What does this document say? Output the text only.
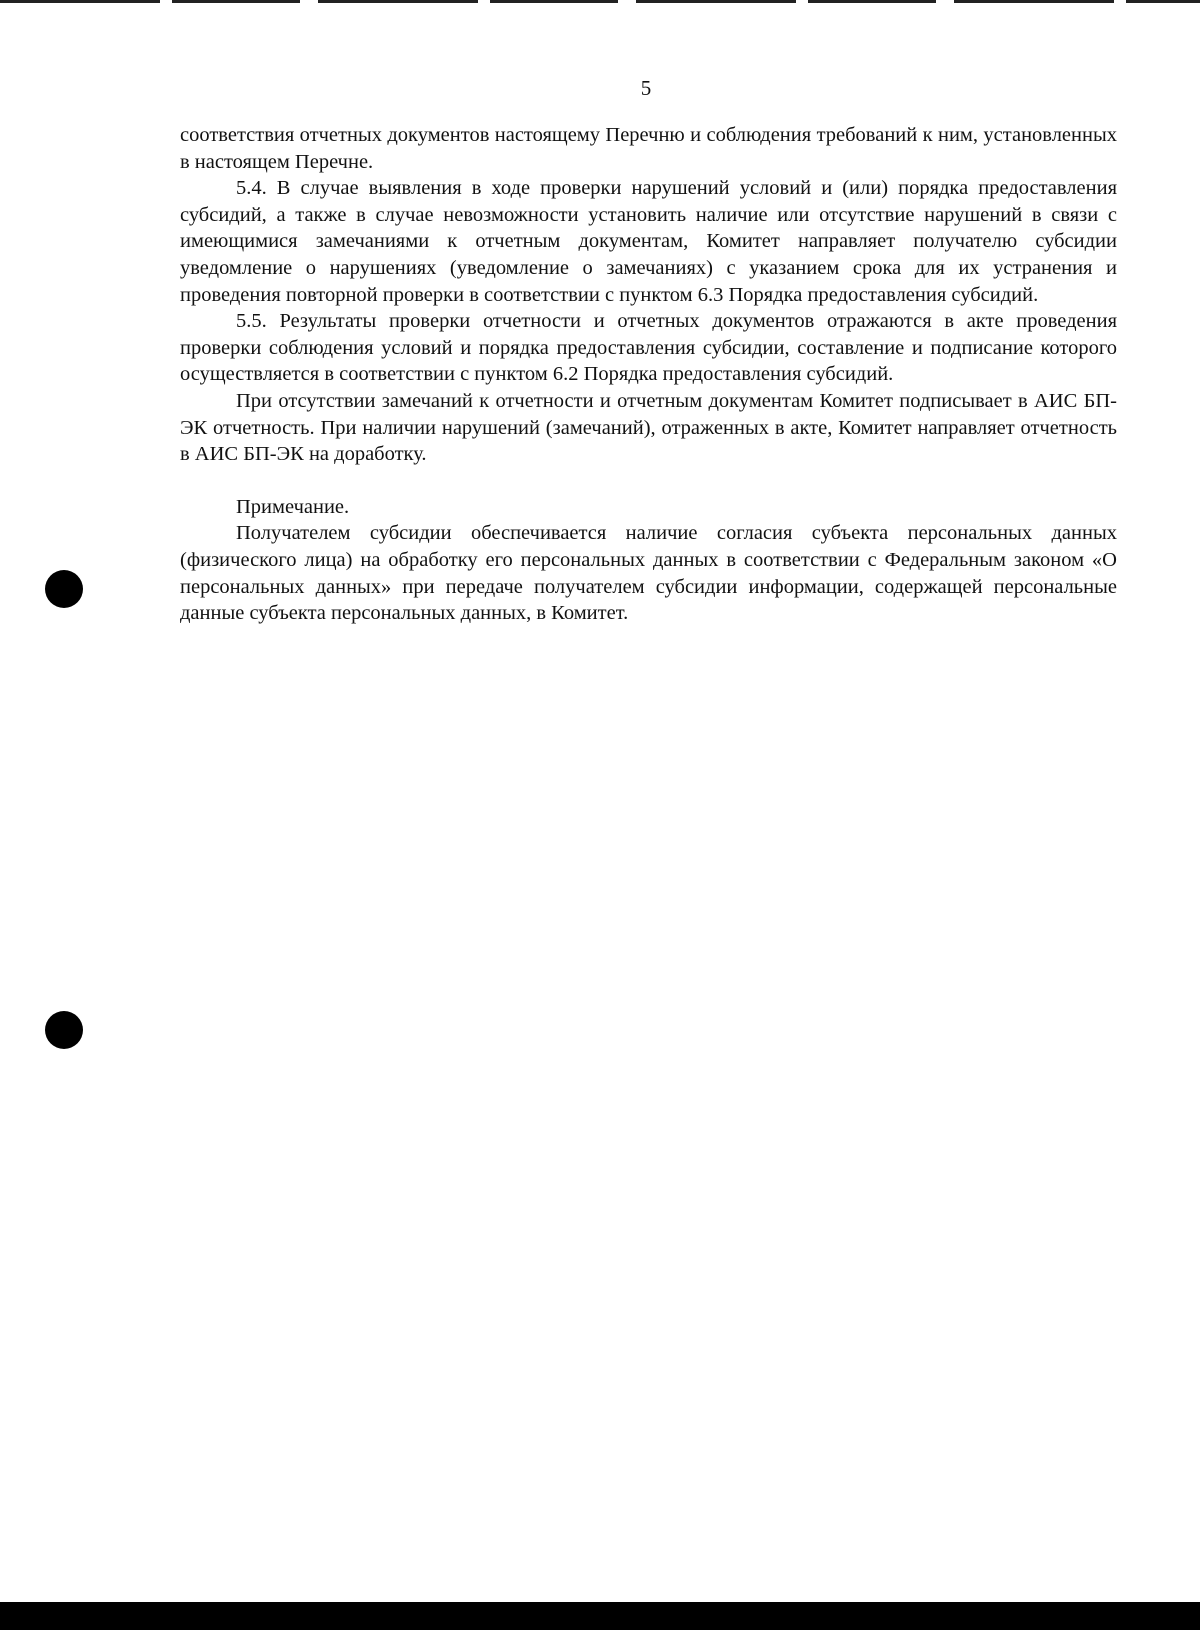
5

соответствия отчетных документов настоящему Перечню и соблюдения требований к ним, установленных в настоящем Перечне.

5.4. В случае выявления в ходе проверки нарушений условий и (или) порядка предоставления субсидий, а также в случае невозможности установить наличие или отсутствие нарушений в связи с имеющимися замечаниями к отчетным документам, Комитет направляет получателю субсидии уведомление о нарушениях (уведомление о замечаниях) с указанием срока для их устранения и проведения повторной проверки в соответствии с пунктом 6.3 Порядка предоставления субсидий.

5.5. Результаты проверки отчетности и отчетных документов отражаются в акте проведения проверки соблюдения условий и порядка предоставления субсидии, составление и подписание которого осуществляется в соответствии с пунктом 6.2 Порядка предоставления субсидий.

При отсутствии замечаний к отчетности и отчетным документам Комитет подписывает в АИС БП-ЭК отчетность. При наличии нарушений (замечаний), отраженных в акте, Комитет направляет отчетность в АИС БП-ЭК на доработку.

Примечание.

Получателем субсидии обеспечивается наличие согласия субъекта персональных данных (физического лица) на обработку его персональных данных в соответствии с Федеральным законом «О персональных данных» при передаче получателем субсидии информации, содержащей персональные данные субъекта персональных данных, в Комитет.
